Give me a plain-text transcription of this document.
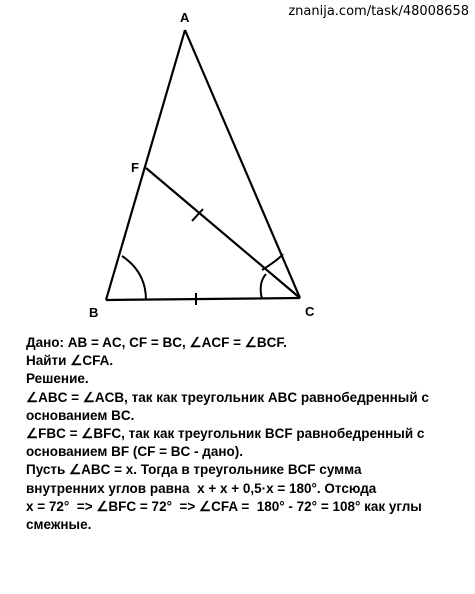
znanija.com/task/48008658
A
B	C
F

Дано: AB = AC, CF = BC, ∠ACF = ∠BCF.

Найти ∠CFA.

Решение.

∠ABC = ∠ACB, так как треугольник ABC равнобедренный с

основанием BC.

∠FBC = ∠BFC, так как треугольник BCF равнобедренный с

основанием BF (CF = BC - дано).

Пусть ∠ABC = x. Тогда в треугольнике BCF сумма

внутренних углов равна  x + x + 0,5·x = 180°. Отсюда

x = 72°  => ∠BFC = 72°  => ∠CFA =  180° - 72° = 108° как углы

смежные.
